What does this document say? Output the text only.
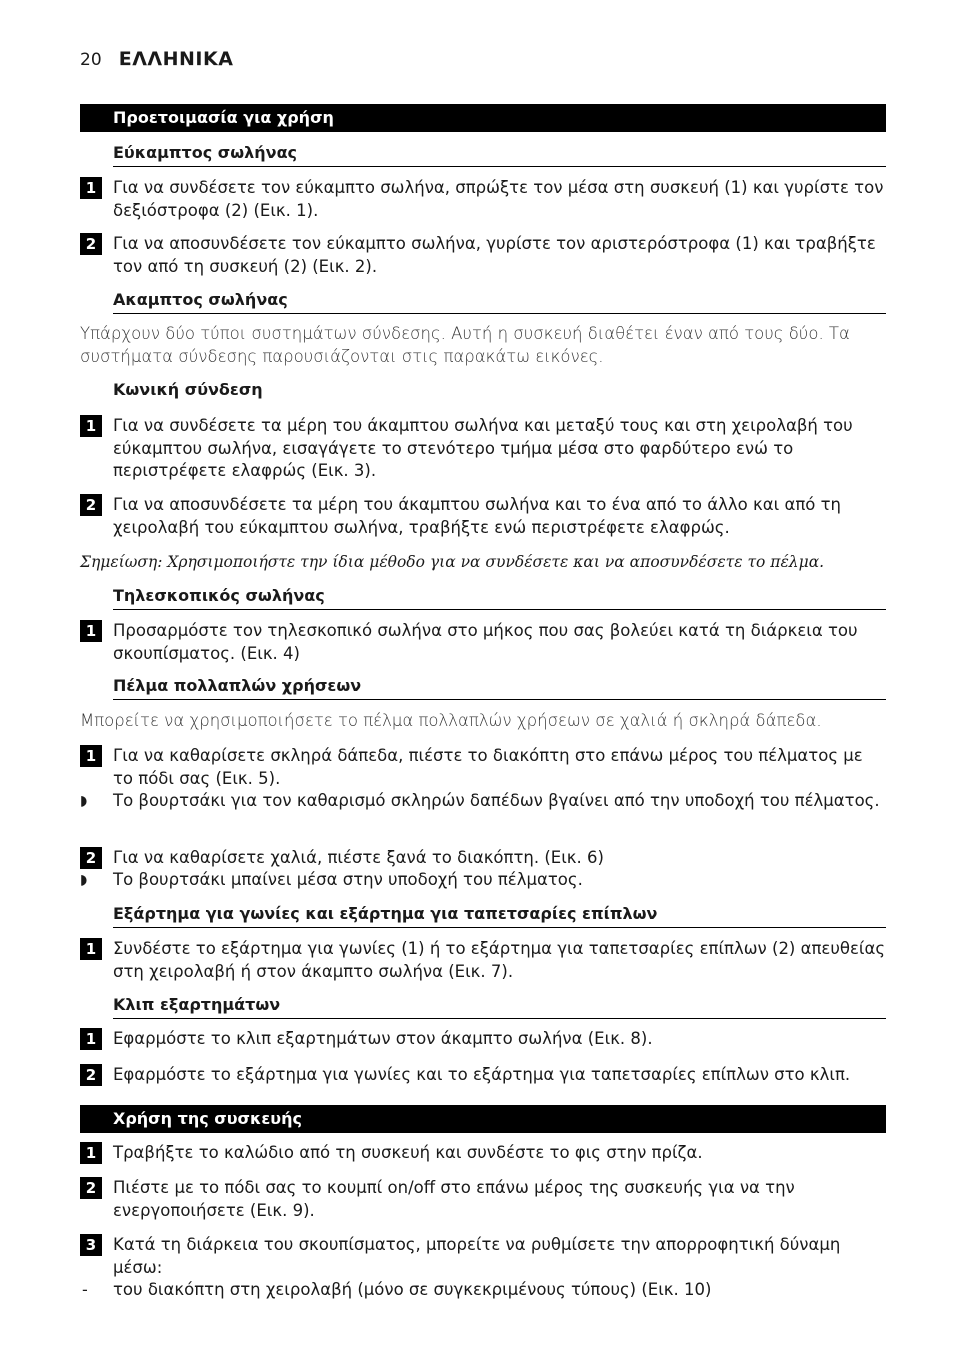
20 ΕΛΛΗΝΙΚΑ
Προετοιμασία για χρήση
Εύκαμπτος σωλήνας
1	Για να συνδέσετε τον εύκαμπτο σωλήνα, σπρώξτε τον μέσα στη συσκευή (1) και γυρίστε τον δεξιόστροφα (2) (Εικ. 1).
2	Για να αποσυνδέσετε τον εύκαμπτο σωλήνα, γυρίστε τον αριστερόστροφα (1) και τραβήξτε τον από τη συσκευή (2) (Εικ. 2).
Ακαμπτος σωλήνας
Υπάρχουν δύο τύποι συστημάτων σύνδεσης. Αυτή η συσκευή διαθέτει έναν από τους δύο. Τα συστήματα σύνδεσης παρουσιάζονται στις παρακάτω εικόνες.
Κωνική σύνδεση
1	Για να συνδέσετε τα μέρη του άκαμπτου σωλήνα και μεταξύ τους και στη χειρολαβή του εύκαμπτου σωλήνα, εισαγάγετε το στενότερο τμήμα μέσα στο φαρδύτερο ενώ το περιστρέφετε ελαφρώς (Εικ. 3).
2	Για να αποσυνδέσετε τα μέρη του άκαμπτου σωλήνα και το ένα από το άλλο και από τη χειρολαβή του εύκαμπτου σωλήνα, τραβήξτε ενώ περιστρέφετε ελαφρώς.
Σημείωση: Χρησιμοποιήστε την ίδια μέθοδο για να συνδέσετε και να αποσυνδέσετε το πέλμα.
Τηλεσκοπικός σωλήνας
1	Προσαρμόστε τον τηλεσκοπικό σωλήνα στο μήκος που σας βολεύει κατά τη διάρκεια του σκουπίσματος. (Εικ. 4)
Πέλμα πολλαπλών χρήσεων
Μπορείτε να χρησιμοποιήσετε το πέλμα πολλαπλών χρήσεων σε χαλιά ή σκληρά δάπεδα.
1	Για να καθαρίσετε σκληρά δάπεδα, πιέστε το διακόπτη στο επάνω μέρος του πέλματος με το πόδι σας (Εικ. 5).
◗ Το βουρτσάκι για τον καθαρισμό σκληρών δαπέδων βγαίνει από την υποδοχή του πέλματος.
2	Για να καθαρίσετε χαλιά, πιέστε ξανά το διακόπτη. (Εικ. 6)
◗ Το βουρτσάκι μπαίνει μέσα στην υποδοχή του πέλματος.
Εξάρτημα για γωνίες και εξάρτημα για ταπετσαρίες επίπλων
1	Συνδέστε το εξάρτημα για γωνίες (1) ή το εξάρτημα για ταπετσαρίες επίπλων (2) απευθείας στη χειρολαβή ή στον άκαμπτο σωλήνα (Εικ. 7).
Κλιπ εξαρτημάτων
1	Εφαρμόστε το κλιπ εξαρτημάτων στον άκαμπτο σωλήνα (Εικ. 8).
2	Εφαρμόστε το εξάρτημα για γωνίες και το εξάρτημα για ταπετσαρίες επίπλων στο κλιπ.
Χρήση της συσκευής
1	Τραβήξτε το καλώδιο από τη συσκευή και συνδέστε το φις στην πρίζα.
2	Πιέστε με το πόδι σας το κουμπί on/off στο επάνω μέρος της συσκευής για να την ενεργοποιήσετε (Εικ. 9).
3	Κατά τη διάρκεια του σκουπίσματος, μπορείτε να ρυθμίσετε την απορροφητική δύναμη μέσω:
- του διακόπτη στη χειρολαβή (μόνο σε συγκεκριμένους τύπους) (Εικ. 10)
